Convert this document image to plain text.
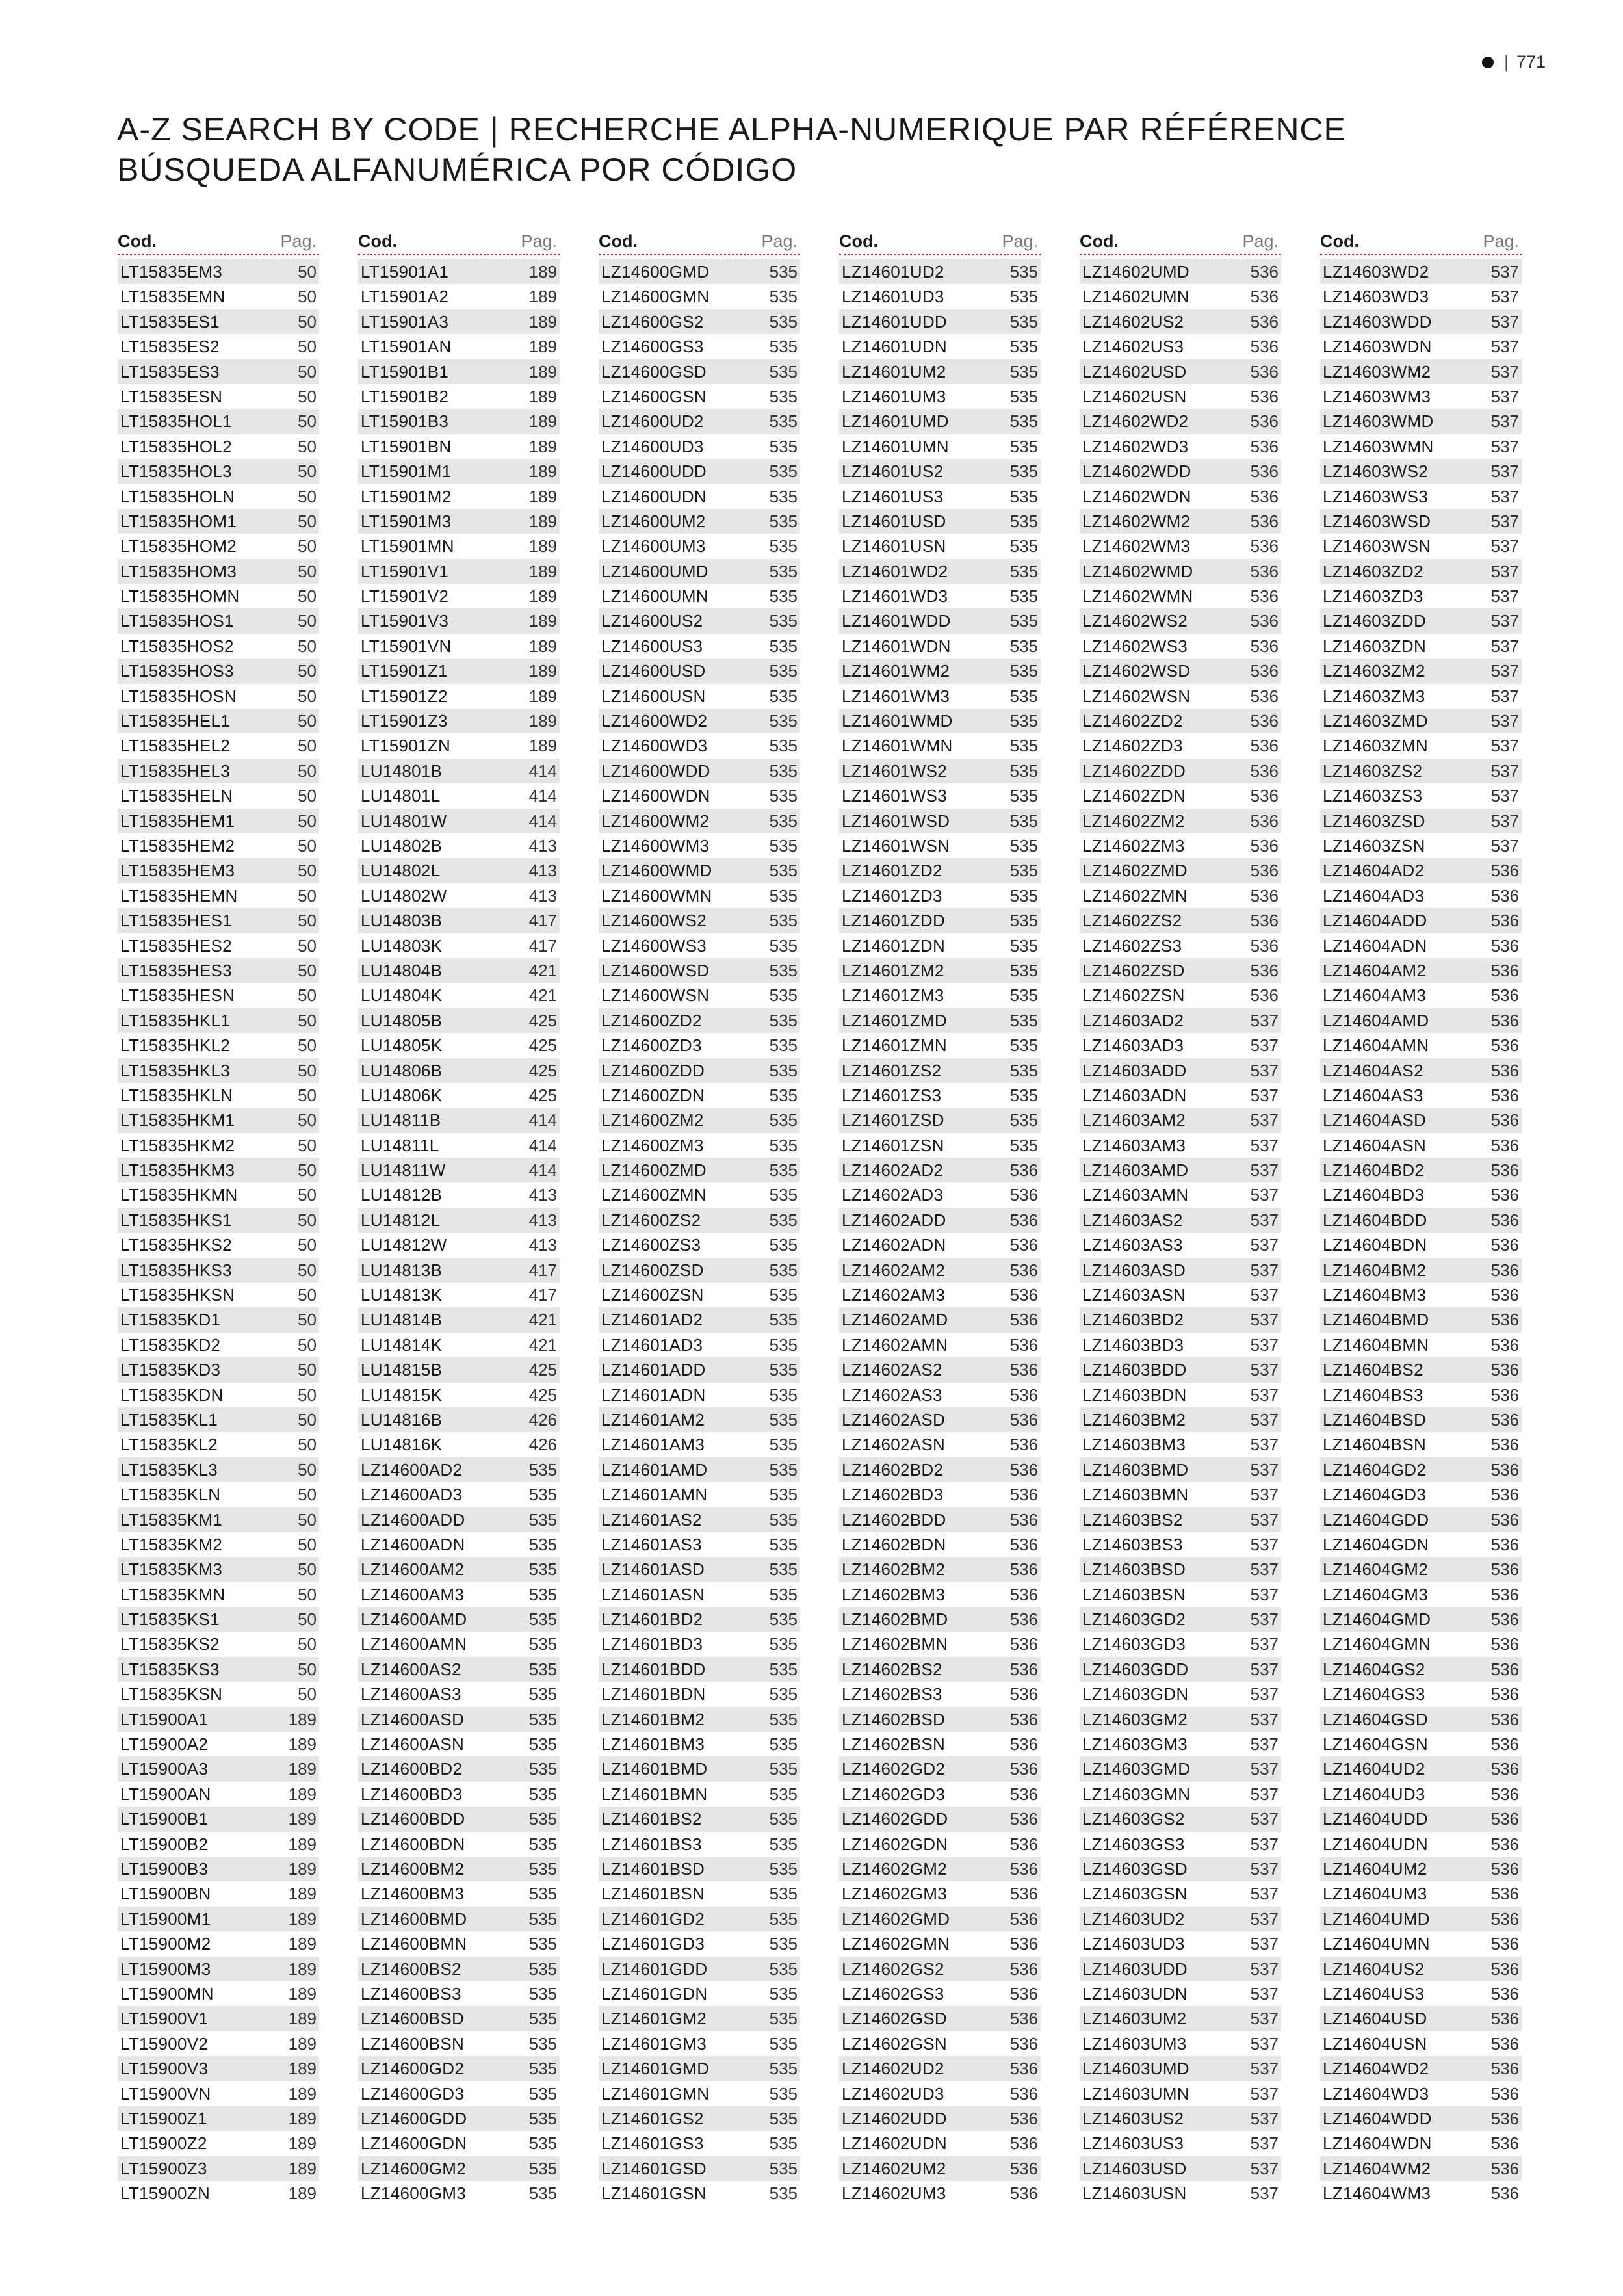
| 771
A-Z SEARCH BY CODE | RECHERCHE ALPHA-NUMERIQUE PAR RÉFÉRENCE
BÚSQUEDA ALFANUMÉRICA POR CÓDIGO
Cod.	Pag.
LT15835EM3	50
LT15835EMN	50
LT15835ES1	50
LT15835ES2	50
LT15835ES3	50
LT15835ESN	50
LT15835HOL1	50
LT15835HOL2	50
LT15835HOL3	50
LT15835HOLN	50
LT15835HOM1	50
LT15835HOM2	50
LT15835HOM3	50
LT15835HOMN	50
LT15835HOS1	50
LT15835HOS2	50
LT15835HOS3	50
LT15835HOSN	50
LT15835HEL1	50
LT15835HEL2	50
LT15835HEL3	50
LT15835HELN	50
LT15835HEM1	50
LT15835HEM2	50
LT15835HEM3	50
LT15835HEMN	50
LT15835HES1	50
LT15835HES2	50
LT15835HES3	50
LT15835HESN	50
LT15835HKL1	50
LT15835HKL2	50
LT15835HKL3	50
LT15835HKLN	50
LT15835HKM1	50
LT15835HKM2	50
LT15835HKM3	50
LT15835HKMN	50
LT15835HKS1	50
LT15835HKS2	50
LT15835HKS3	50
LT15835HKSN	50
LT15835KD1	50
LT15835KD2	50
LT15835KD3	50
LT15835KDN	50
LT15835KL1	50
LT15835KL2	50
LT15835KL3	50
LT15835KLN	50
LT15835KM1	50
LT15835KM2	50
LT15835KM3	50
LT15835KMN	50
LT15835KS1	50
LT15835KS2	50
LT15835KS3	50
LT15835KSN	50
LT15900A1	189
LT15900A2	189
LT15900A3	189
LT15900AN	189
LT15900B1	189
LT15900B2	189
LT15900B3	189
LT15900BN	189
LT15900M1	189
LT15900M2	189
LT15900M3	189
LT15900MN	189
LT15900V1	189
LT15900V2	189
LT15900V3	189
LT15900VN	189
LT15900Z1	189
LT15900Z2	189
LT15900Z3	189
LT15900ZN	189
Cod.	Pag.
LT15901A1	189
LT15901A2	189
LT15901A3	189
LT15901AN	189
LT15901B1	189
LT15901B2	189
LT15901B3	189
LT15901BN	189
LT15901M1	189
LT15901M2	189
LT15901M3	189
LT15901MN	189
LT15901V1	189
LT15901V2	189
LT15901V3	189
LT15901VN	189
LT15901Z1	189
LT15901Z2	189
LT15901Z3	189
LT15901ZN	189
LU14801B	414
LU14801L	414
LU14801W	414
LU14802B	413
LU14802L	413
LU14802W	413
LU14803B	417
LU14803K	417
LU14804B	421
LU14804K	421
LU14805B	425
LU14805K	425
LU14806B	425
LU14806K	425
LU14811B	414
LU14811L	414
LU14811W	414
LU14812B	413
LU14812L	413
LU14812W	413
LU14813B	417
LU14813K	417
LU14814B	421
LU14814K	421
LU14815B	425
LU14815K	425
LU14816B	426
LU14816K	426
LZ14600AD2	535
LZ14600AD3	535
LZ14600ADD	535
LZ14600ADN	535
LZ14600AM2	535
LZ14600AM3	535
LZ14600AMD	535
LZ14600AMN	535
LZ14600AS2	535
LZ14600AS3	535
LZ14600ASD	535
LZ14600ASN	535
LZ14600BD2	535
LZ14600BD3	535
LZ14600BDD	535
LZ14600BDN	535
LZ14600BM2	535
LZ14600BM3	535
LZ14600BMD	535
LZ14600BMN	535
LZ14600BS2	535
LZ14600BS3	535
LZ14600BSD	535
LZ14600BSN	535
LZ14600GD2	535
LZ14600GD3	535
LZ14600GDD	535
LZ14600GDN	535
LZ14600GM2	535
LZ14600GM3	535
Cod.	Pag.
LZ14600GMD	535
LZ14600GMN	535
LZ14600GS2	535
LZ14600GS3	535
LZ14600GSD	535
LZ14600GSN	535
LZ14600UD2	535
LZ14600UD3	535
LZ14600UDD	535
LZ14600UDN	535
LZ14600UM2	535
LZ14600UM3	535
LZ14600UMD	535
LZ14600UMN	535
LZ14600US2	535
LZ14600US3	535
LZ14600USD	535
LZ14600USN	535
LZ14600WD2	535
LZ14600WD3	535
LZ14600WDD	535
LZ14600WDN	535
LZ14600WM2	535
LZ14600WM3	535
LZ14600WMD	535
LZ14600WMN	535
LZ14600WS2	535
LZ14600WS3	535
LZ14600WSD	535
LZ14600WSN	535
LZ14600ZD2	535
LZ14600ZD3	535
LZ14600ZDD	535
LZ14600ZDN	535
LZ14600ZM2	535
LZ14600ZM3	535
LZ14600ZMD	535
LZ14600ZMN	535
LZ14600ZS2	535
LZ14600ZS3	535
LZ14600ZSD	535
LZ14600ZSN	535
LZ14601AD2	535
LZ14601AD3	535
LZ14601ADD	535
LZ14601ADN	535
LZ14601AM2	535
LZ14601AM3	535
LZ14601AMD	535
LZ14601AMN	535
LZ14601AS2	535
LZ14601AS3	535
LZ14601ASD	535
LZ14601ASN	535
LZ14601BD2	535
LZ14601BD3	535
LZ14601BDD	535
LZ14601BDN	535
LZ14601BM2	535
LZ14601BM3	535
LZ14601BMD	535
LZ14601BMN	535
LZ14601BS2	535
LZ14601BS3	535
LZ14601BSD	535
LZ14601BSN	535
LZ14601GD2	535
LZ14601GD3	535
LZ14601GDD	535
LZ14601GDN	535
LZ14601GM2	535
LZ14601GM3	535
LZ14601GMD	535
LZ14601GMN	535
LZ14601GS2	535
LZ14601GS3	535
LZ14601GSD	535
LZ14601GSN	535
Cod.	Pag.
LZ14601UD2	535
LZ14601UD3	535
LZ14601UDD	535
LZ14601UDN	535
LZ14601UM2	535
LZ14601UM3	535
LZ14601UMD	535
LZ14601UMN	535
LZ14601US2	535
LZ14601US3	535
LZ14601USD	535
LZ14601USN	535
LZ14601WD2	535
LZ14601WD3	535
LZ14601WDD	535
LZ14601WDN	535
LZ14601WM2	535
LZ14601WM3	535
LZ14601WMD	535
LZ14601WMN	535
LZ14601WS2	535
LZ14601WS3	535
LZ14601WSD	535
LZ14601WSN	535
LZ14601ZD2	535
LZ14601ZD3	535
LZ14601ZDD	535
LZ14601ZDN	535
LZ14601ZM2	535
LZ14601ZM3	535
LZ14601ZMD	535
LZ14601ZMN	535
LZ14601ZS2	535
LZ14601ZS3	535
LZ14601ZSD	535
LZ14601ZSN	535
LZ14602AD2	536
LZ14602AD3	536
LZ14602ADD	536
LZ14602ADN	536
LZ14602AM2	536
LZ14602AM3	536
LZ14602AMD	536
LZ14602AMN	536
LZ14602AS2	536
LZ14602AS3	536
LZ14602ASD	536
LZ14602ASN	536
LZ14602BD2	536
LZ14602BD3	536
LZ14602BDD	536
LZ14602BDN	536
LZ14602BM2	536
LZ14602BM3	536
LZ14602BMD	536
LZ14602BMN	536
LZ14602BS2	536
LZ14602BS3	536
LZ14602BSD	536
LZ14602BSN	536
LZ14602GD2	536
LZ14602GD3	536
LZ14602GDD	536
LZ14602GDN	536
LZ14602GM2	536
LZ14602GM3	536
LZ14602GMD	536
LZ14602GMN	536
LZ14602GS2	536
LZ14602GS3	536
LZ14602GSD	536
LZ14602GSN	536
LZ14602UD2	536
LZ14602UD3	536
LZ14602UDD	536
LZ14602UDN	536
LZ14602UM2	536
LZ14602UM3	536
Cod.	Pag.
LZ14602UMD	536
LZ14602UMN	536
LZ14602US2	536
LZ14602US3	536
LZ14602USD	536
LZ14602USN	536
LZ14602WD2	536
LZ14602WD3	536
LZ14602WDD	536
LZ14602WDN	536
LZ14602WM2	536
LZ14602WM3	536
LZ14602WMD	536
LZ14602WMN	536
LZ14602WS2	536
LZ14602WS3	536
LZ14602WSD	536
LZ14602WSN	536
LZ14602ZD2	536
LZ14602ZD3	536
LZ14602ZDD	536
LZ14602ZDN	536
LZ14602ZM2	536
LZ14602ZM3	536
LZ14602ZMD	536
LZ14602ZMN	536
LZ14602ZS2	536
LZ14602ZS3	536
LZ14602ZSD	536
LZ14602ZSN	536
LZ14603AD2	537
LZ14603AD3	537
LZ14603ADD	537
LZ14603ADN	537
LZ14603AM2	537
LZ14603AM3	537
LZ14603AMD	537
LZ14603AMN	537
LZ14603AS2	537
LZ14603AS3	537
LZ14603ASD	537
LZ14603ASN	537
LZ14603BD2	537
LZ14603BD3	537
LZ14603BDD	537
LZ14603BDN	537
LZ14603BM2	537
LZ14603BM3	537
LZ14603BMD	537
LZ14603BMN	537
LZ14603BS2	537
LZ14603BS3	537
LZ14603BSD	537
LZ14603BSN	537
LZ14603GD2	537
LZ14603GD3	537
LZ14603GDD	537
LZ14603GDN	537
LZ14603GM2	537
LZ14603GM3	537
LZ14603GMD	537
LZ14603GMN	537
LZ14603GS2	537
LZ14603GS3	537
LZ14603GSD	537
LZ14603GSN	537
LZ14603UD2	537
LZ14603UD3	537
LZ14603UDD	537
LZ14603UDN	537
LZ14603UM2	537
LZ14603UM3	537
LZ14603UMD	537
LZ14603UMN	537
LZ14603US2	537
LZ14603US3	537
LZ14603USD	537
LZ14603USN	537
Cod.	Pag.
LZ14603WD2	537
LZ14603WD3	537
LZ14603WDD	537
LZ14603WDN	537
LZ14603WM2	537
LZ14603WM3	537
LZ14603WMD	537
LZ14603WMN	537
LZ14603WS2	537
LZ14603WS3	537
LZ14603WSD	537
LZ14603WSN	537
LZ14603ZD2	537
LZ14603ZD3	537
LZ14603ZDD	537
LZ14603ZDN	537
LZ14603ZM2	537
LZ14603ZM3	537
LZ14603ZMD	537
LZ14603ZMN	537
LZ14603ZS2	537
LZ14603ZS3	537
LZ14603ZSD	537
LZ14603ZSN	537
LZ14604AD2	536
LZ14604AD3	536
LZ14604ADD	536
LZ14604ADN	536
LZ14604AM2	536
LZ14604AM3	536
LZ14604AMD	536
LZ14604AMN	536
LZ14604AS2	536
LZ14604AS3	536
LZ14604ASD	536
LZ14604ASN	536
LZ14604BD2	536
LZ14604BD3	536
LZ14604BDD	536
LZ14604BDN	536
LZ14604BM2	536
LZ14604BM3	536
LZ14604BMD	536
LZ14604BMN	536
LZ14604BS2	536
LZ14604BS3	536
LZ14604BSD	536
LZ14604BSN	536
LZ14604GD2	536
LZ14604GD3	536
LZ14604GDD	536
LZ14604GDN	536
LZ14604GM2	536
LZ14604GM3	536
LZ14604GMD	536
LZ14604GMN	536
LZ14604GS2	536
LZ14604GS3	536
LZ14604GSD	536
LZ14604GSN	536
LZ14604UD2	536
LZ14604UD3	536
LZ14604UDD	536
LZ14604UDN	536
LZ14604UM2	536
LZ14604UM3	536
LZ14604UMD	536
LZ14604UMN	536
LZ14604US2	536
LZ14604US3	536
LZ14604USD	536
LZ14604USN	536
LZ14604WD2	536
LZ14604WD3	536
LZ14604WDD	536
LZ14604WDN	536
LZ14604WM2	536
LZ14604WM3	536
